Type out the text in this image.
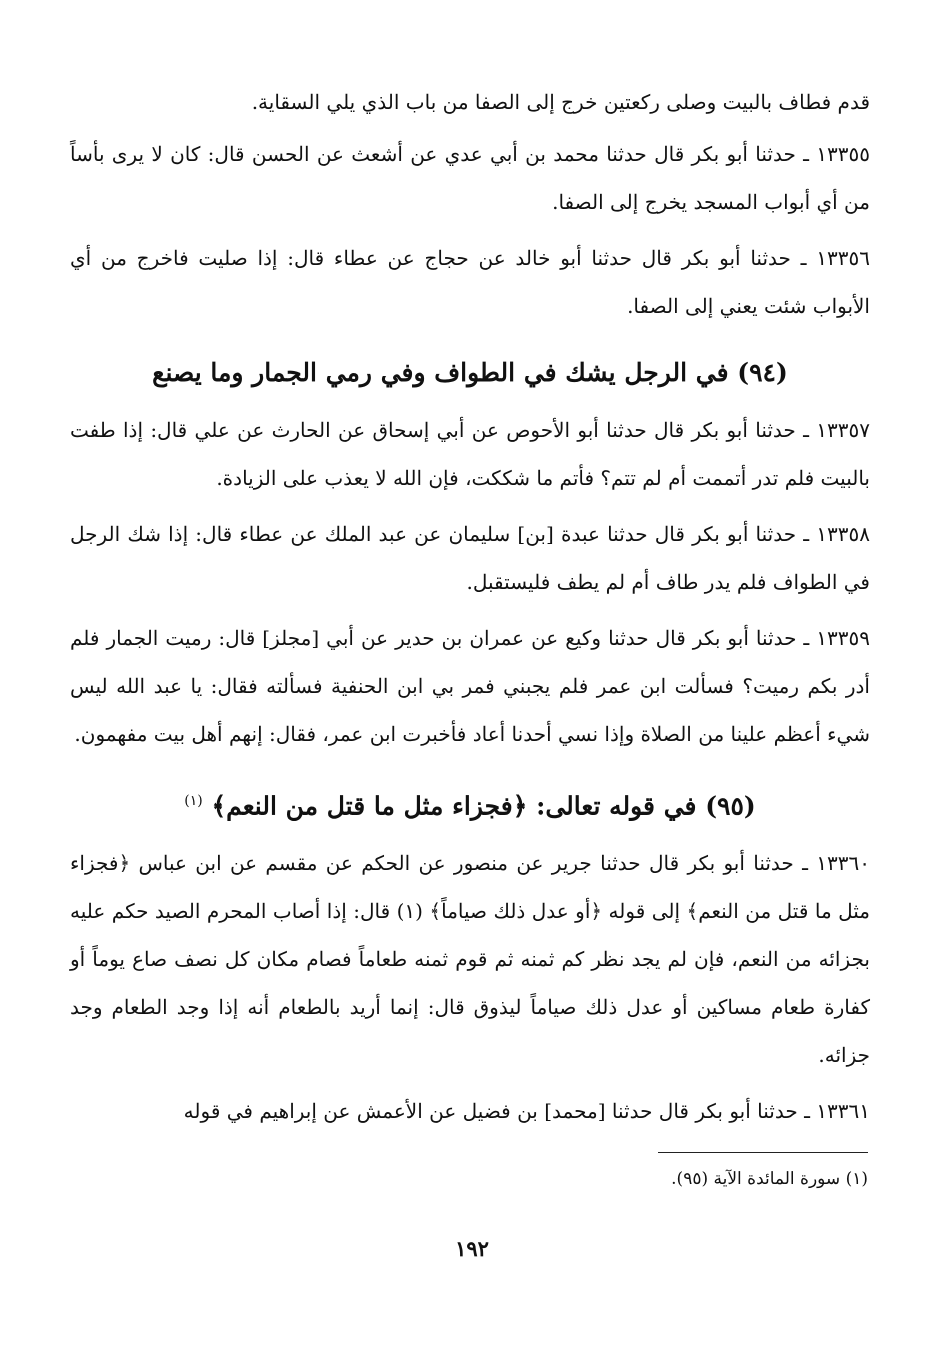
قدم فطاف بالبيت وصلى ركعتين خرج إلى الصفا من باب الذي يلي السقاية.

١٣٣٥٥ ـ حدثنا أبو بكر قال حدثنا محمد بن أبي عدي عن أشعث عن الحسن قال: كان لا يرى بأساً من أي أبواب المسجد يخرج إلى الصفا.

١٣٣٥٦ ـ حدثنا أبو بكر قال حدثنا أبو خالد عن حجاج عن عطاء قال: إذا صليت فاخرج من أي الأبواب شئت يعني إلى الصفا.

(٩٤) في الرجل يشك في الطواف وفي رمي الجمار وما يصنع

١٣٣٥٧ ـ حدثنا أبو بكر قال حدثنا أبو الأحوص عن أبي إسحاق عن الحارث عن علي قال: إذا طفت بالبيت فلم تدر أتممت أم لم تتم؟ فأتم ما شككت، فإن الله لا يعذب على الزيادة.

١٣٣٥٨ ـ حدثنا أبو بكر قال حدثنا عبدة [بن] سليمان عن عبد الملك عن عطاء قال: إذا شك الرجل في الطواف فلم يدر طاف أم لم يطف فليستقبل.

١٣٣٥٩ ـ حدثنا أبو بكر قال حدثنا وكيع عن عمران بن حدير عن أبي [مجلز] قال: رميت الجمار فلم أدر بكم رميت؟ فسألت ابن عمر فلم يجبني فمر بي ابن الحنفية فسألته فقال: يا عبد الله ليس شيء أعظم علينا من الصلاة وإذا نسي أحدنا أعاد فأخبرت ابن عمر، فقال: إنهم أهل بيت مفهمون.

(٩٥) في قوله تعالى: ﴿فجزاء مثل ما قتل من النعم﴾ $^{(١)}$

١٣٣٦٠ ـ حدثنا أبو بكر قال حدثنا جرير عن منصور عن الحكم عن مقسم عن ابن عباس ﴿فجزاء مثل ما قتل من النعم﴾ إلى قوله ﴿أو عدل ذلك صياماً﴾ (١) قال: إذا أصاب المحرم الصيد حكم عليه بجزائه من النعم، فإن لم يجد نظر كم ثمنه ثم قوم ثمنه طعاماً فصام مكان كل نصف صاع يوماً أو كفارة طعام مساكين أو عدل ذلك صياماً ليذوق قال: إنما أريد بالطعام أنه إذا وجد الطعام وجد جزائه.

١٣٣٦١ ـ حدثنا أبو بكر قال حدثنا [محمد] بن فضيل عن الأعمش عن إبراهيم في قوله

(١) سورة المائدة الآية (٩٥).
١٩٢
